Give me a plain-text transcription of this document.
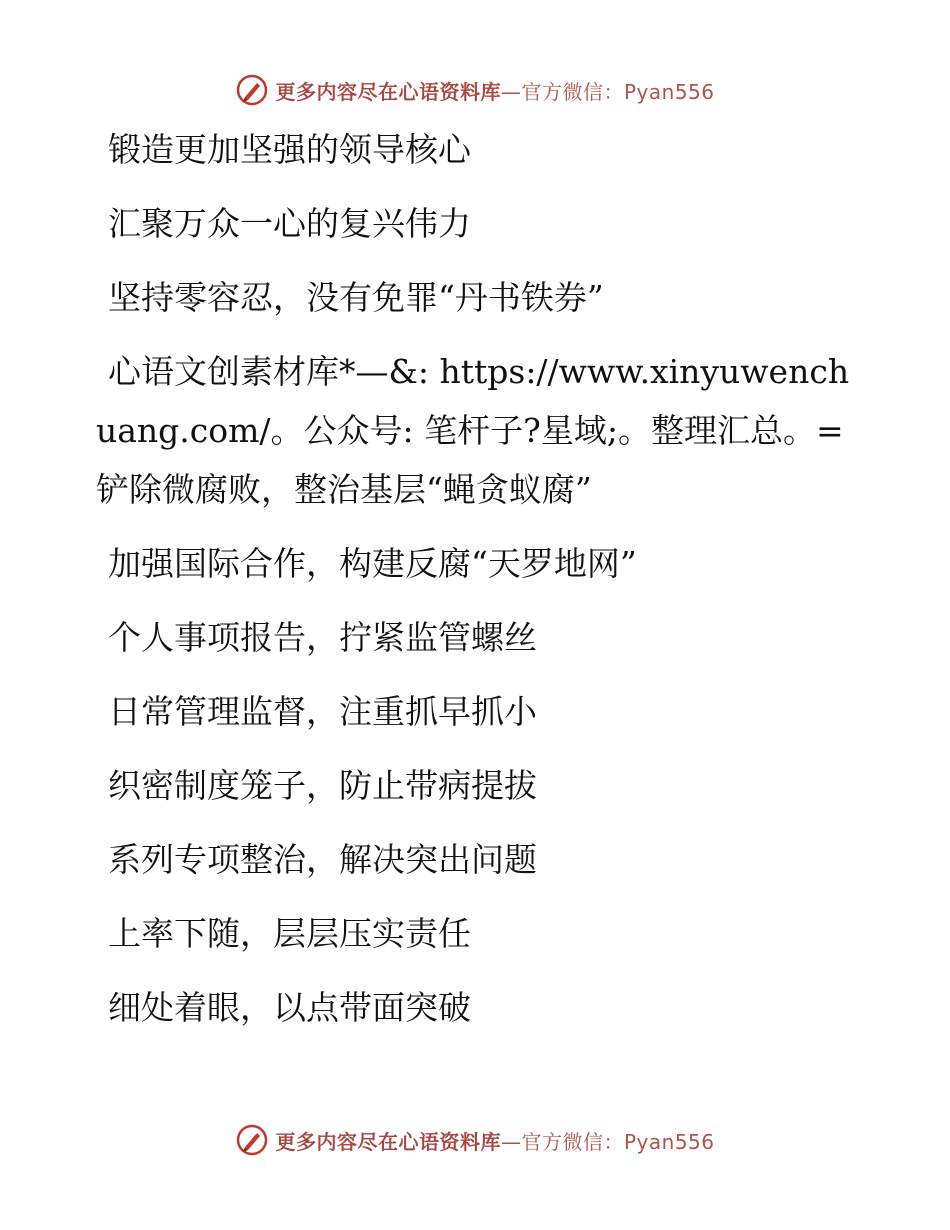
更多内容尽在心语资料库—官方微信：Pyan556
锻造更加坚强的领导核心
汇聚万众一心的复兴伟力
坚持零容忍，没有免罪“丹书铁券”
心语文创素材库*—&: https://www.xinyuwenchuang.com/。公众号: 笔杆子?星域;。整理汇总。=铲除微腐败，整治基层“蝇贪蚁腐”
加强国际合作，构建反腐“天罗地网”
个人事项报告，拧紧监管螺丝
日常管理监督，注重抓早抓小
织密制度笼子，防止带病提拔
系列专项整治，解决突出问题
上率下随，层层压实责任
细处着眼，以点带面突破
更多内容尽在心语资料库—官方微信：Pyan556
